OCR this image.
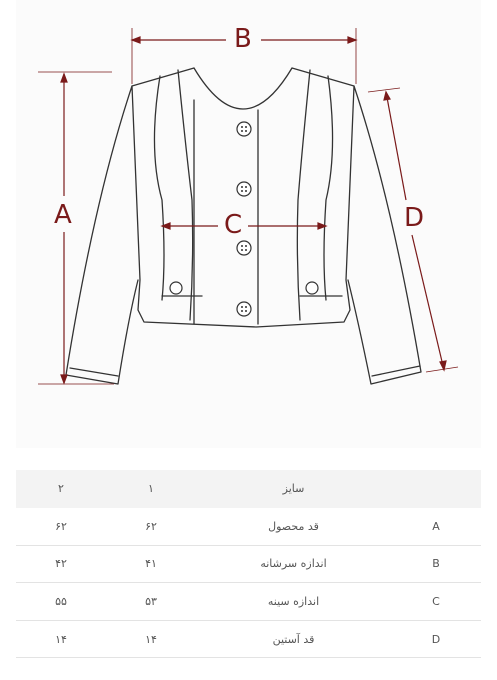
B
A	C	D
۲	۱	سایز	
۶۲	۶۲	قد محصول	A
۴۲	۴۱	اندازه سرشانه	B
۵۵	۵۳	اندازه سینه	C
۱۴	۱۴	قد آستین	D
